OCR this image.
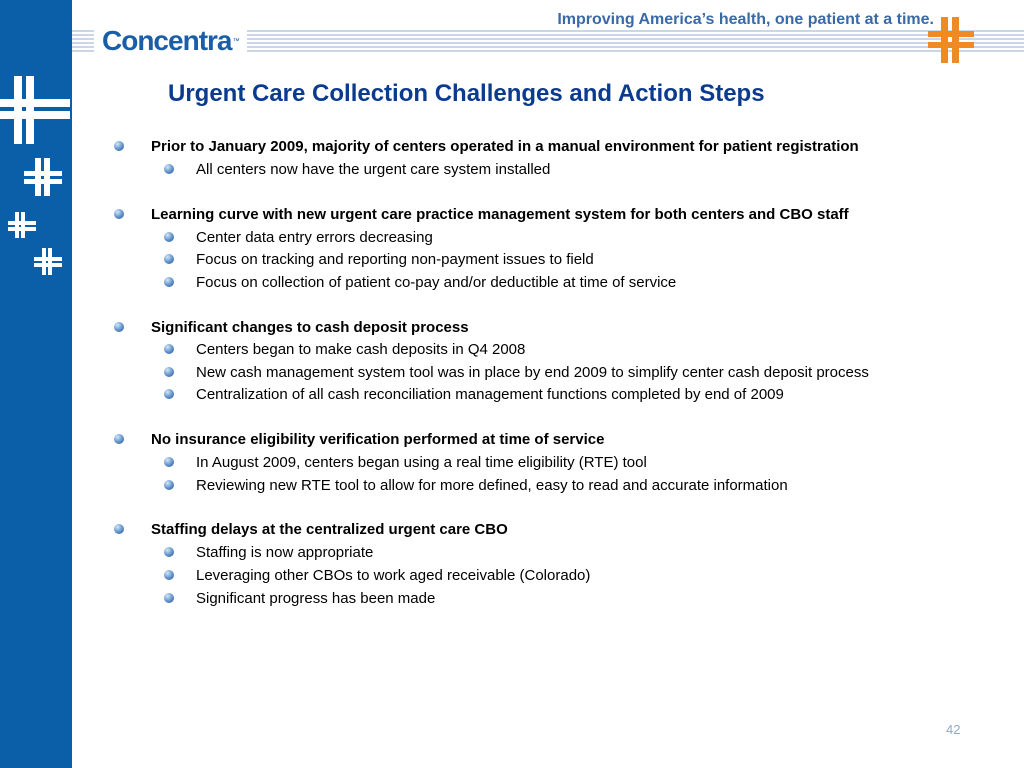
Concentra ™
Improving America’s health, one patient at a time.
Urgent Care Collection Challenges and Action Steps
Prior to January 2009, majority of centers operated in a manual environment for patient registration
All centers now have the urgent care system installed
Learning curve with new urgent care practice management system for both centers and CBO staff
Center data entry errors decreasing
Focus on tracking and reporting non-payment issues to field
Focus on collection of patient co-pay and/or deductible at time of service
Significant changes to cash deposit process
Centers began to make cash deposits in Q4 2008
New cash management system tool was in place by end 2009 to simplify center cash deposit process
Centralization of all cash reconciliation management functions completed by end of 2009
No insurance eligibility verification performed at time of service
In August 2009, centers began using a real time eligibility (RTE) tool
Reviewing new RTE tool to allow for more defined, easy to read and accurate information
Staffing delays at the centralized urgent care CBO
Staffing is now appropriate
Leveraging other CBOs to work aged receivable (Colorado)
Significant progress has been made
42
